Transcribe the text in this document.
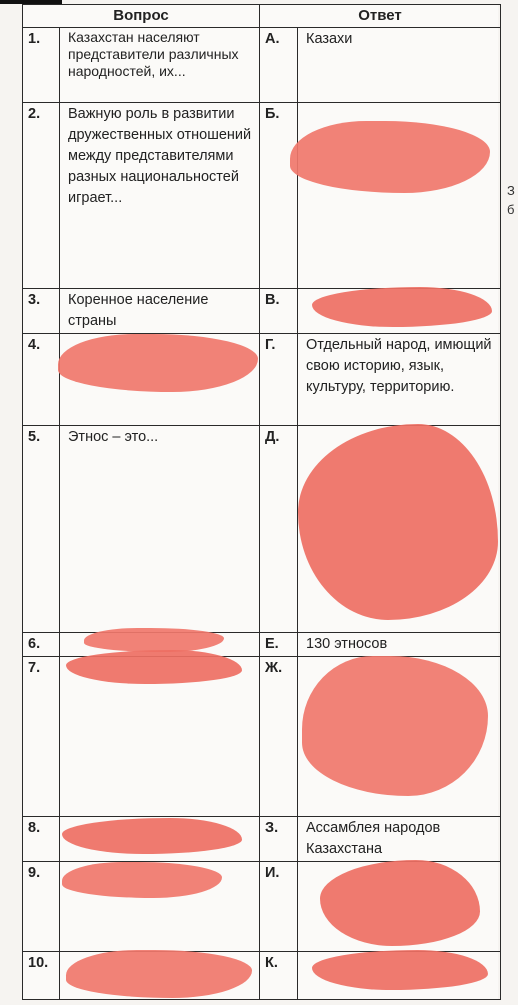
Вопрос		Ответ	
1.	Казахстан населяют представители различных народностей, их...	А.	Казахи
2.	Важную роль в развитии дружественных отношений между представителями разных национальностей играет...	Б.	
3.	Коренное население страны	В.	
4.		Г.	Отдельный народ, имющий свою историю, язык, культуру, территорию.
5.	Этнос – это...	Д.	
6.		Е.	130 этносов
7.		Ж.	
8.		З.	Ассамблея народов Казахстана
9.		И.	
10.		К.	
З
б
